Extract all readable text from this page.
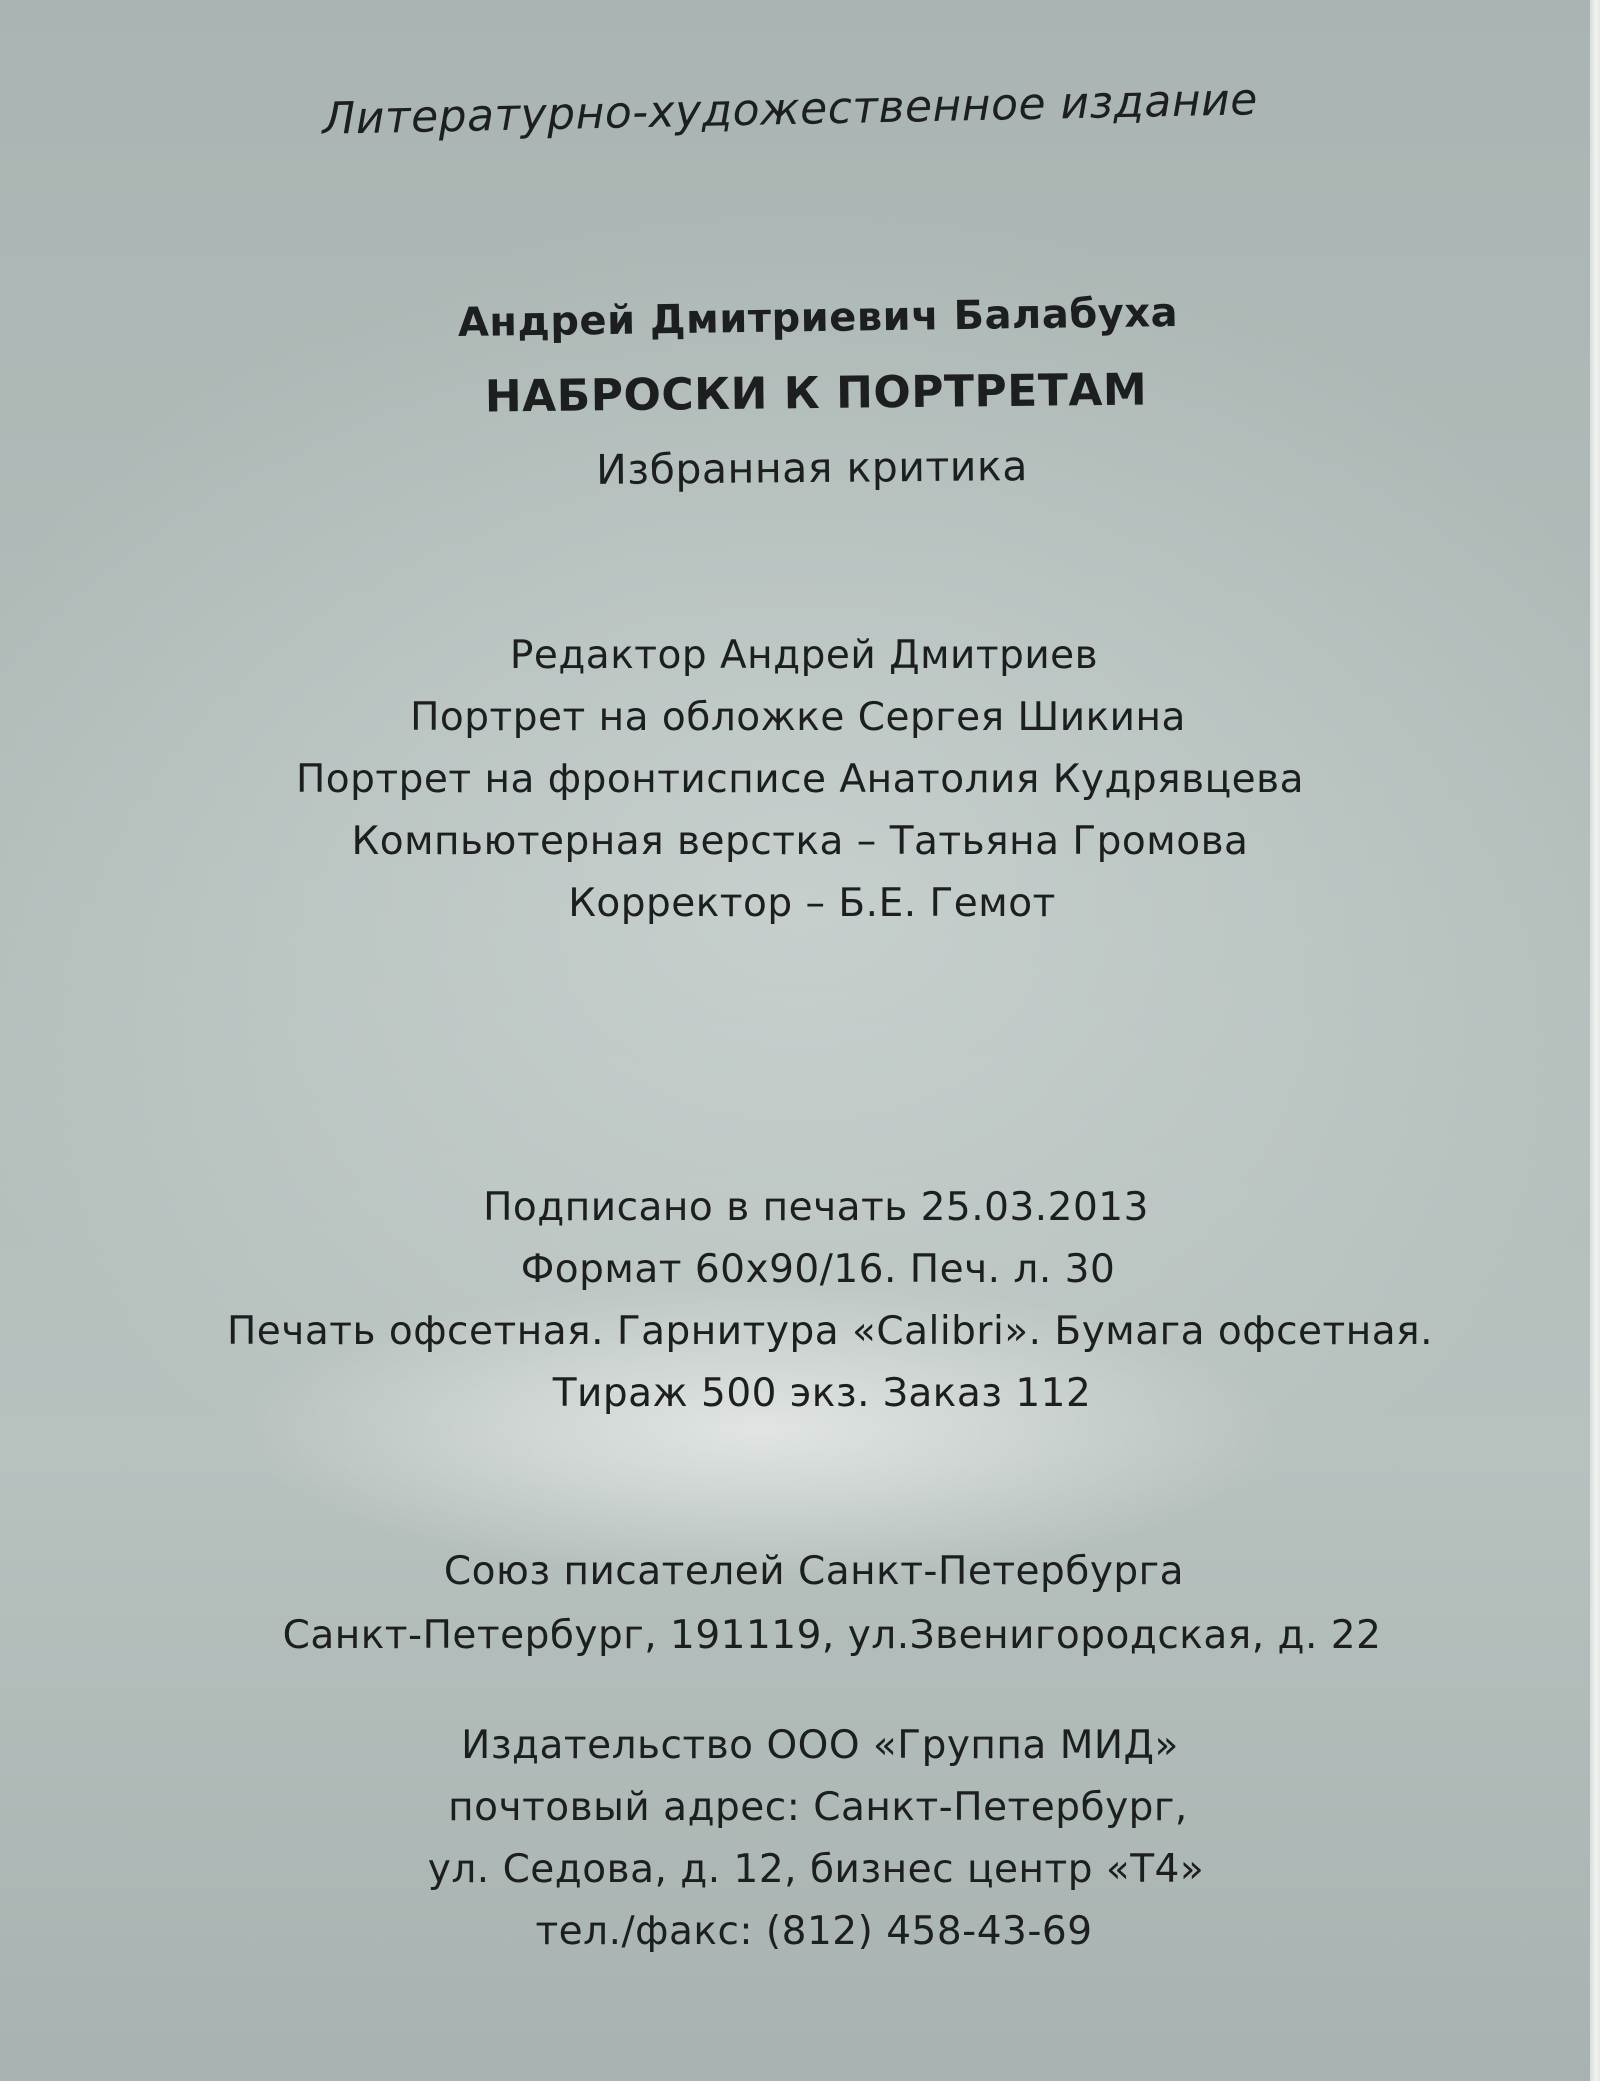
Литературно-художественное издание
Андрей Дмитриевич Балабуха
НАБРОСКИ К ПОРТРЕТАМ
Избранная критика
Редактор Андрей Дмитриев
Портрет на обложке Сергея Шикина
Портрет на фронтисписе Анатолия Кудрявцева
Компьютерная верстка – Татьяна Громова
Корректор – Б.Е. Гемот
Подписано в печать 25.03.2013
Формат 60х90/16. Печ. л. 30
Печать офсетная. Гарнитура «Calibri». Бумага офсетная.
Тираж 500 экз. Заказ 112
Союз писателей Санкт-Петербурга
Санкт-Петербург, 191119, ул.Звенигородская, д. 22
Издательство ООО «Группа МИД»
почтовый адрес: Санкт-Петербург,
ул. Седова, д. 12, бизнес центр «Т4»
тел./факс: (812) 458-43-69
